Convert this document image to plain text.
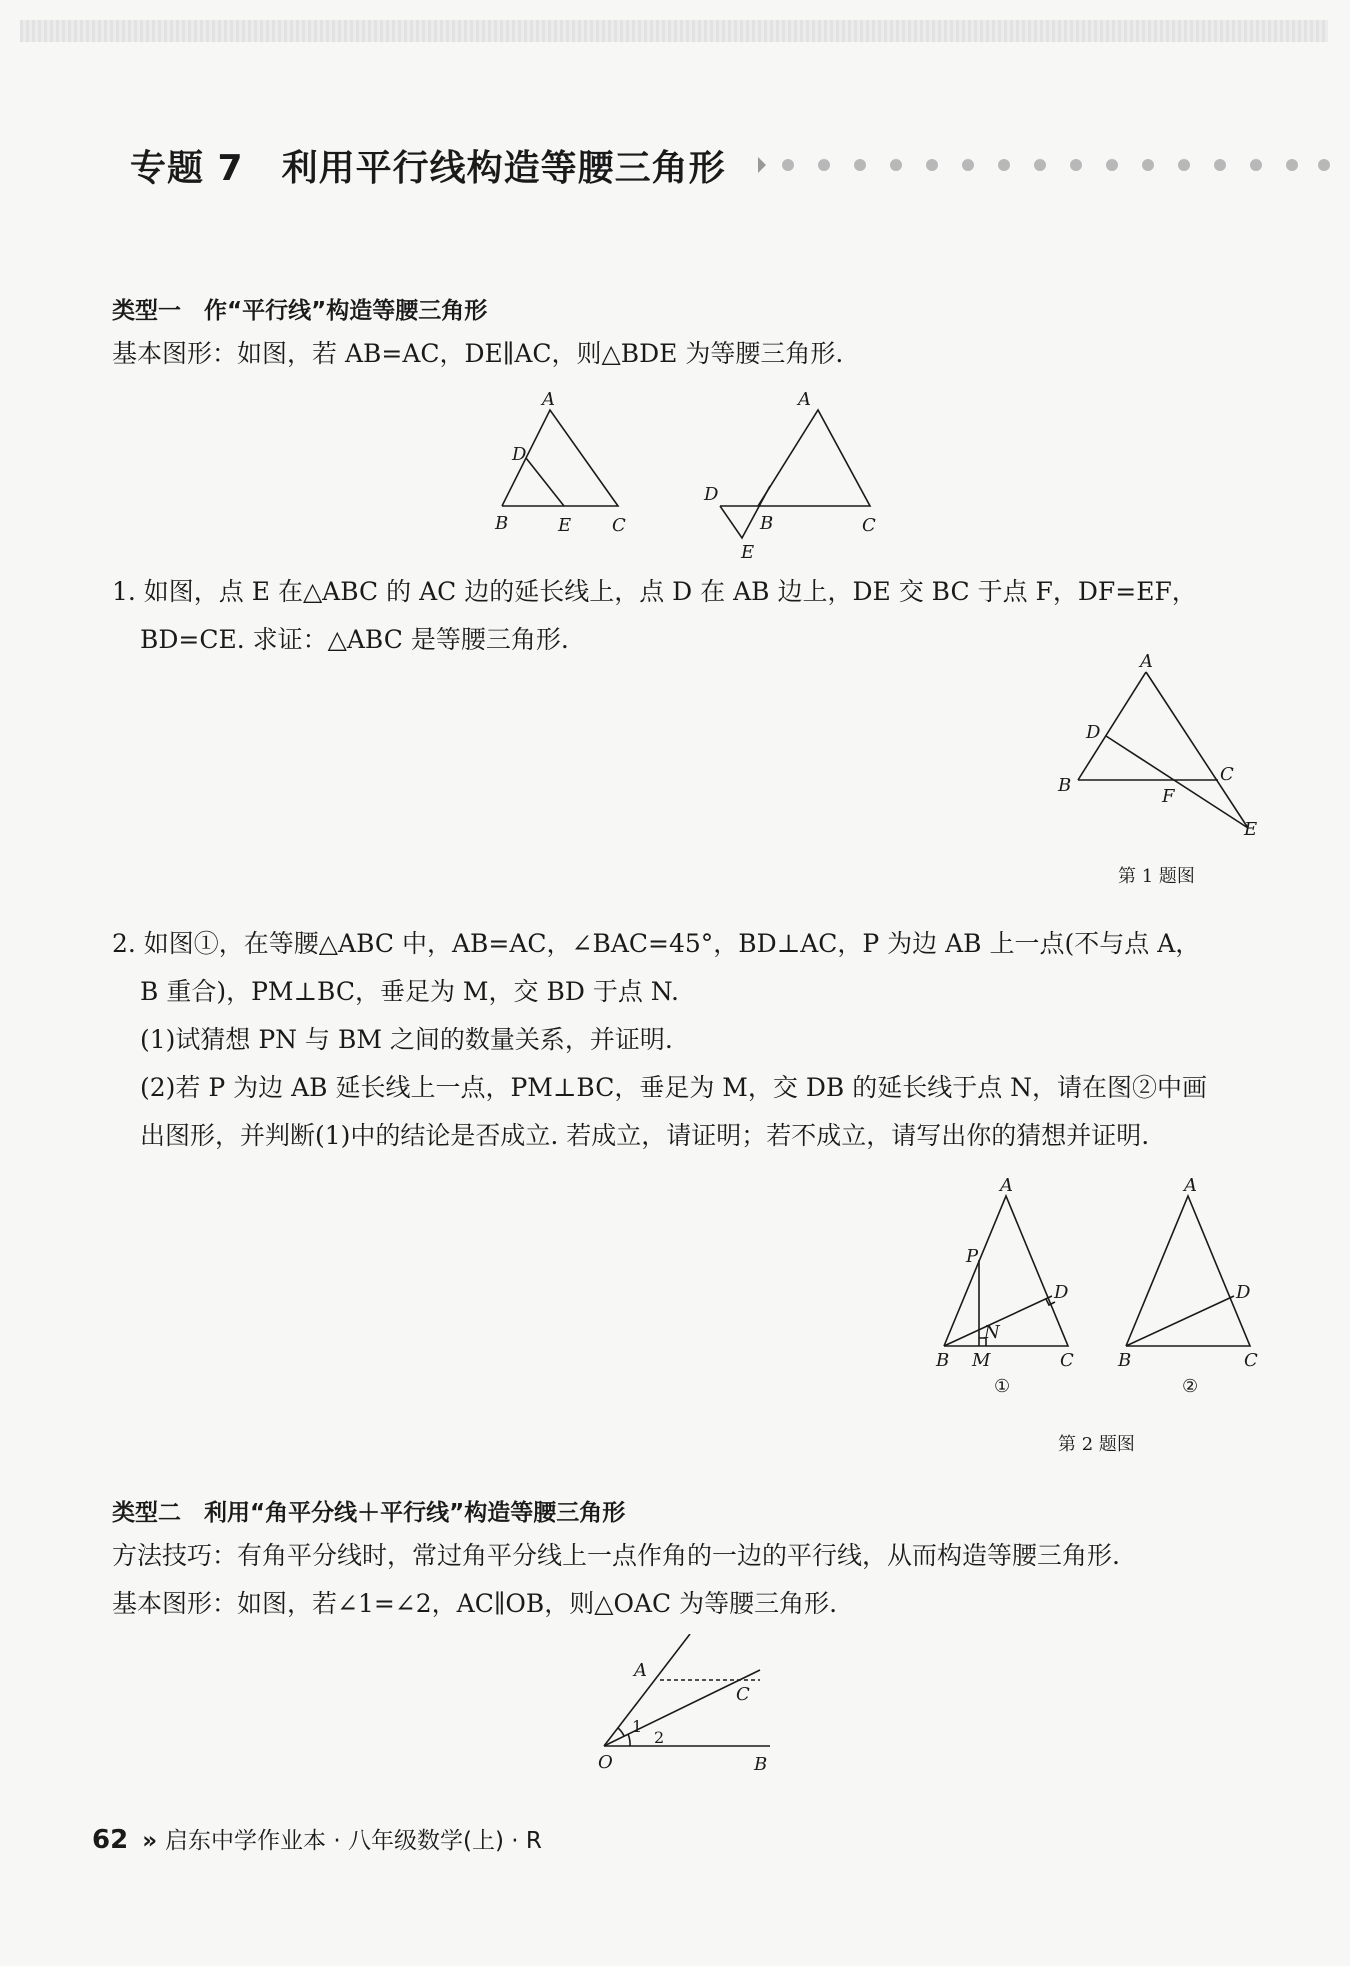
专题 7 利用平行线构造等腰三角形
类型一　作“平行线”构造等腰三角形
基本图形：如图，若 AB=AC，DE∥AC，则△BDE 为等腰三角形.
A
D
B	E C
A
D
B	C
E
1. 如图，点 E 在△ABC 的 AC 边的延长线上，点 D 在 AB 边上，DE 交 BC 于点 F，DF=EF，
BD=CE. 求证：△ABC 是等腰三角形.
A
D
B
C
F
E
第 1 题图
2. 如图①，在等腰△ABC 中，AB=AC，∠BAC=45°，BD⊥AC，P 为边 AB 上一点(不与点 A，
B 重合)，PM⊥BC，垂足为 M，交 BD 于点 N.
(1)试猜想 PN 与 BM 之间的数量关系，并证明.
(2)若 P 为边 AB 延长线上一点，PM⊥BC，垂足为 M，交 DB 的延长线于点 N，请在图②中画
出图形，并判断(1)中的结论是否成立. 若成立，请证明；若不成立，请写出你的猜想并证明.
A
P
D
N
B M	C
①
A
D
B	C
②
第 2 题图
类型二　利用“角平分线＋平行线”构造等腰三角形
方法技巧：有角平分线时，常过角平分线上一点作角的一边的平行线，从而构造等腰三角形.
基本图形：如图，若∠1=∠2，AC∥OB，则△OAC 为等腰三角形.
A
C
1
2
O	B
62 » 启东中学作业本 · 八年级数学(上) · R
